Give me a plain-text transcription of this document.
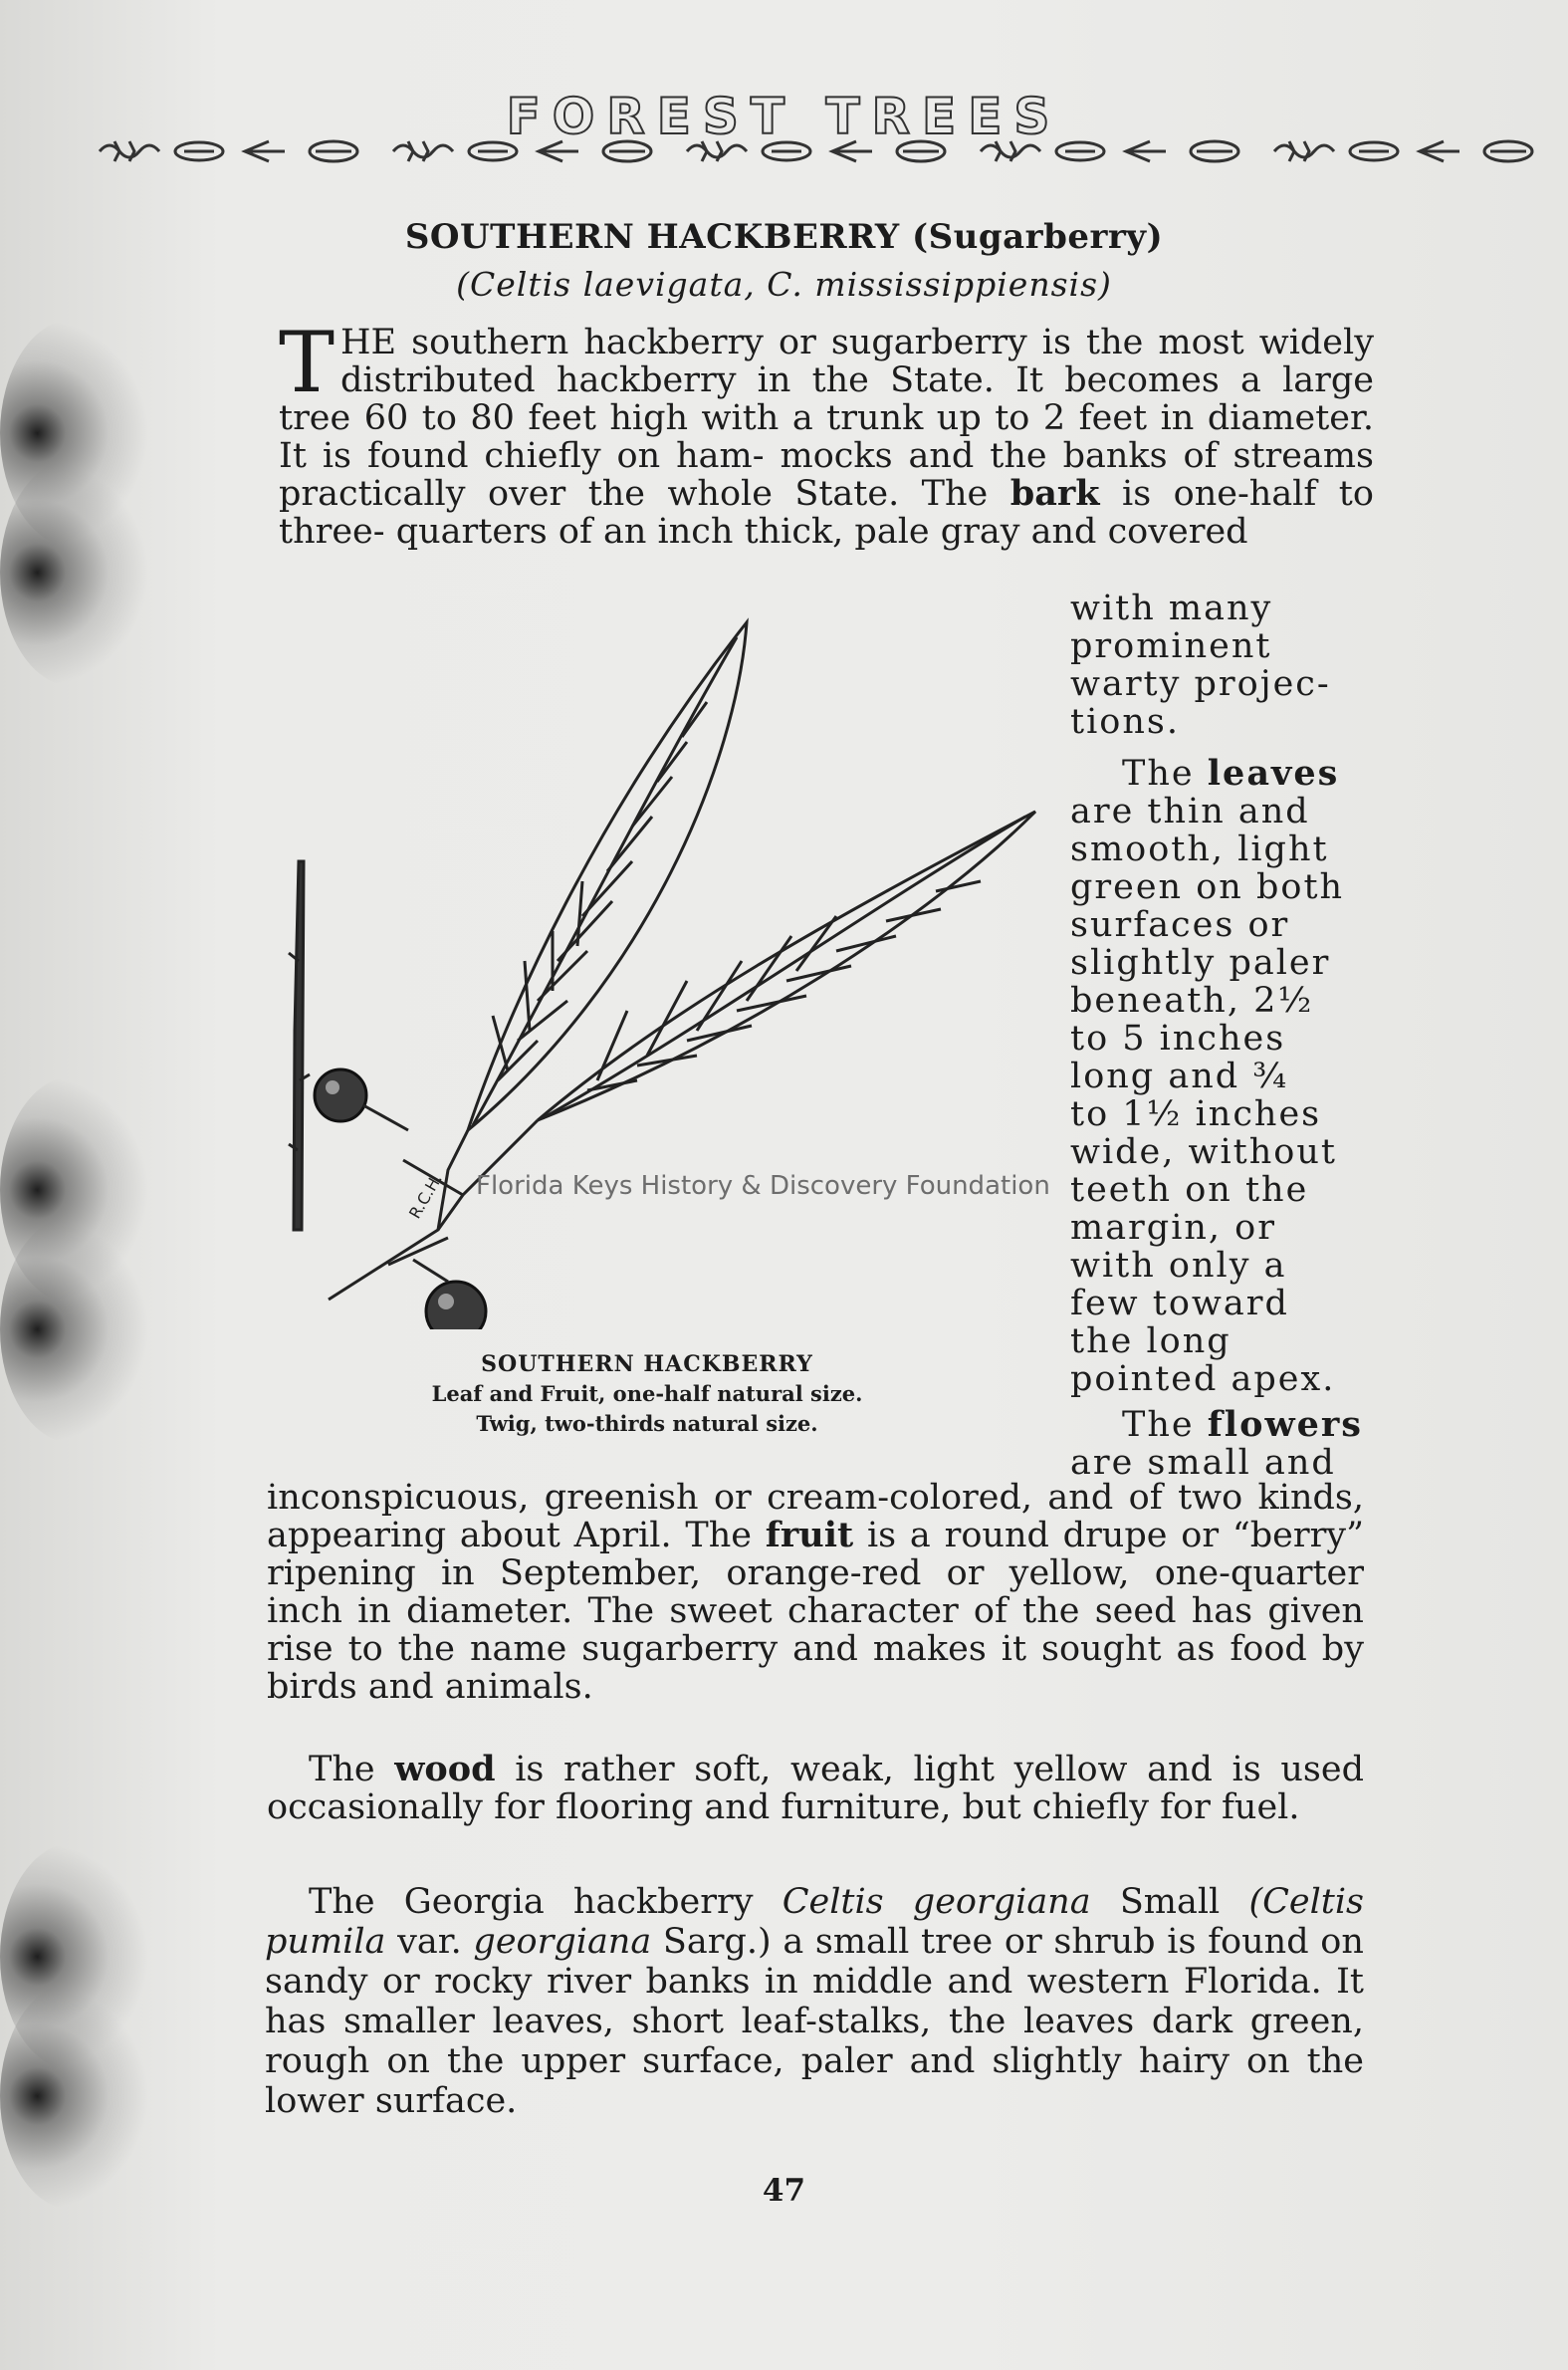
FOREST TREES
SOUTHERN HACKBERRY (Sugarberry)
(Celtis laevigata, C. mississippiensis)
T HE southern hackberry or sugarberry is the most widely distributed hackberry in the State. It becomes a large tree 60 to 80 feet high with a trunk up to 2 feet in diameter. It is found chiefly on ham- mocks and the banks of streams practically over the whole State. The bark is one-half to three- quarters of an inch thick, pale gray and covered
with many
prominent
warty projec-
tions.
The leaves
are thin and
smooth, light
green on both
surfaces or
slightly paler
beneath, 2½
to 5 inches
long and ¾
to 1½ inches
wide, without
teeth on the
margin, or
with only a
few toward
the long
pointed apex.
The flowers
are small and
R.C.H. Florida Keys History & Discovery Foundation
SOUTHERN HACKBERRY
Leaf and Fruit, one-half natural size.
Twig, two-thirds natural size.
inconspicuous, greenish or cream-colored, and of two kinds, appearing about April. The fruit is a round drupe or “berry” ripening in September, orange-red or yellow, one-quarter inch in diameter. The sweet character of the seed has given rise to the name sugarberry and makes it sought as food by birds and animals.
The wood is rather soft, weak, light yellow and is used occasionally for flooring and furniture, but chiefly for fuel.
The Georgia hackberry Celtis georgiana Small (Celtis pumila var. georgiana Sarg.) a small tree or shrub is found on sandy or rocky river banks in middle and western Florida. It has smaller leaves, short leaf-stalks, the leaves dark green, rough on the upper surface, paler and slightly hairy on the lower surface.
47
